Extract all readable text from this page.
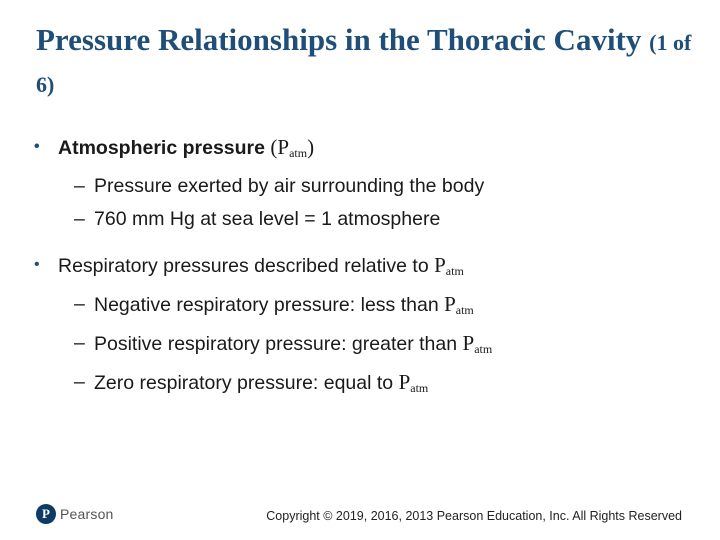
Pressure Relationships in the Thoracic Cavity (1 of 6)
• Atmospheric pressure $(P_{atm})$
– Pressure exerted by air surrounding the body
– 760 mm Hg at sea level = 1 atmosphere
• Respiratory pressures described relative to $P_{atm}$
– Negative respiratory pressure: less than $P_{atm}$
– Positive respiratory pressure: greater than $P_{atm}$
– Zero respiratory pressure: equal to $P_{atm}$
P Pearson	Copyright © 2019, 2016, 2013 Pearson Education, Inc. All Rights Reserved
